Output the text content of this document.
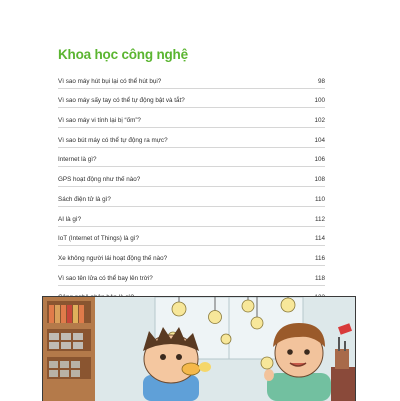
Khoa học công nghệ
Vì sao máy hút bụi lại có thể hút bụi?	98
Vì sao máy sấy tay có thể tự động bật và tắt?	100
Vì sao máy vi tính lại bị “ốm”?	102
Vì sao bút máy có thể tự động ra mực?	104
Internet là gì?	106
GPS hoạt động như thế nào?	108
Sách điện tử là gì?	110
AI là gì?	112
IoT (Internet of Things) là gì?	114
Xe không người lái hoạt động thế nào?	116
Vì sao tên lửa có thể bay lên trời?	118
